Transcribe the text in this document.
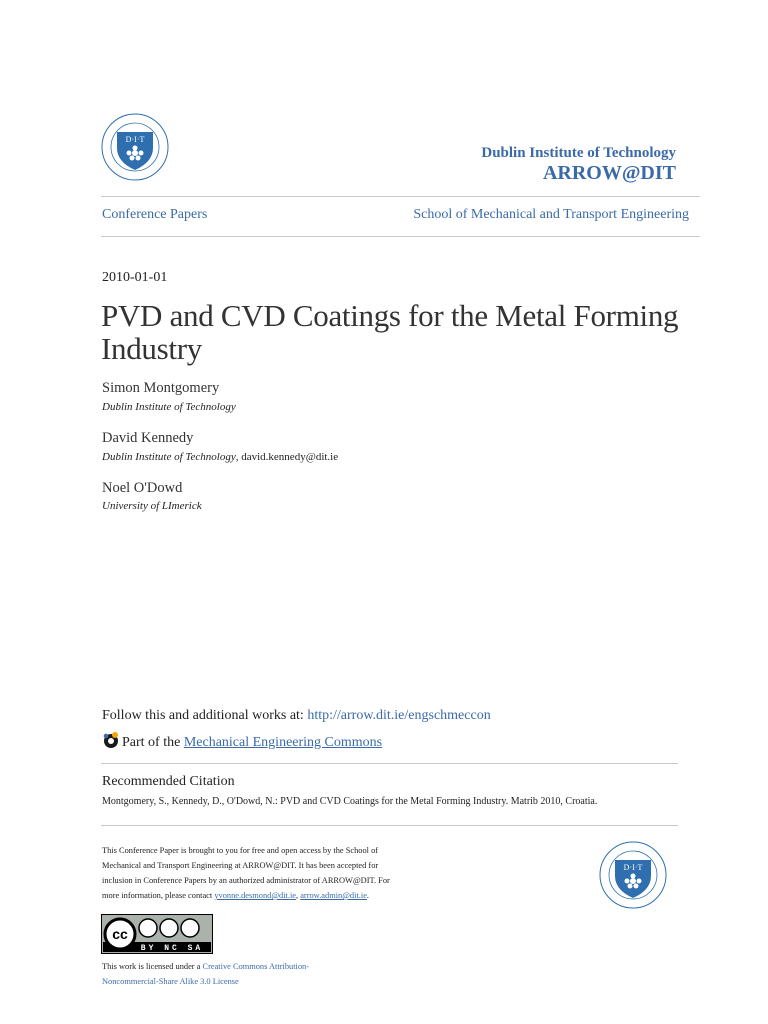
D·I·T
Dublin Institute of Technology
ARROW@DIT
Conference Papers	School of Mechanical and Transport Engineering
2010-01-01
PVD and CVD Coatings for the Metal Forming Industry
Simon Montgomery
Dublin Institute of Technology
David Kennedy
Dublin Institute of Technology, david.kennedy@dit.ie
Noel O'Dowd
University of LImerick
Follow this and additional works at: http://arrow.dit.ie/engschmeccon
Part of the Mechanical Engineering Commons
Recommended Citation
Montgomery, S., Kennedy, D., O'Dowd, N.: PVD and CVD Coatings for the Metal Forming Industry. Matrib 2010, Croatia.
This Conference Paper is brought to you for free and open access by the School of Mechanical and Transport Engineering at ARROW@DIT. It has been accepted for inclusion in Conference Papers by an authorized administrator of ARROW@DIT. For more information, please contact yvonne.desmond@dit.ie, arrow.admin@dit.ie.
D·I·T
cc
BY NC SA
This work is licensed under a Creative Commons Attribution-Noncommercial-Share Alike 3.0 License
